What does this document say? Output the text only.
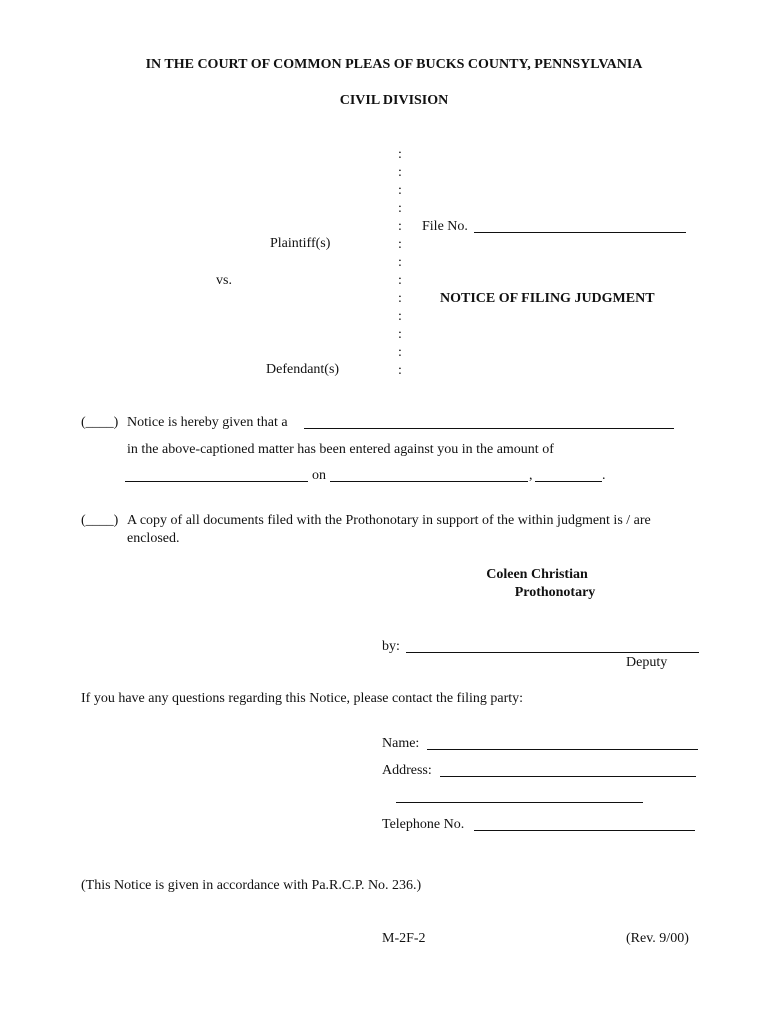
IN THE COURT OF COMMON PLEAS OF BUCKS COUNTY, PENNSYLVANIA
CIVIL DIVISION
:
:
:
:
:
:
:
:
:
:
:
:
:
Plaintiff(s)
vs.
Defendant(s)
File No.
NOTICE OF FILING JUDGMENT
(____) Notice is hereby given that a
in the above-captioned matter has been entered against you in the amount of
on	,	.
(____) A copy of all documents filed with the Prothonotary in support of the within judgment is / are
enclosed.
Coleen Christian
Prothonotary
by:
Deputy
If you have any questions regarding this Notice, please contact the filing party:
Name:
Address:
Telephone No.
(This Notice is given in accordance with Pa.R.C.P. No. 236.)
M-2F-2	(Rev. 9/00)
